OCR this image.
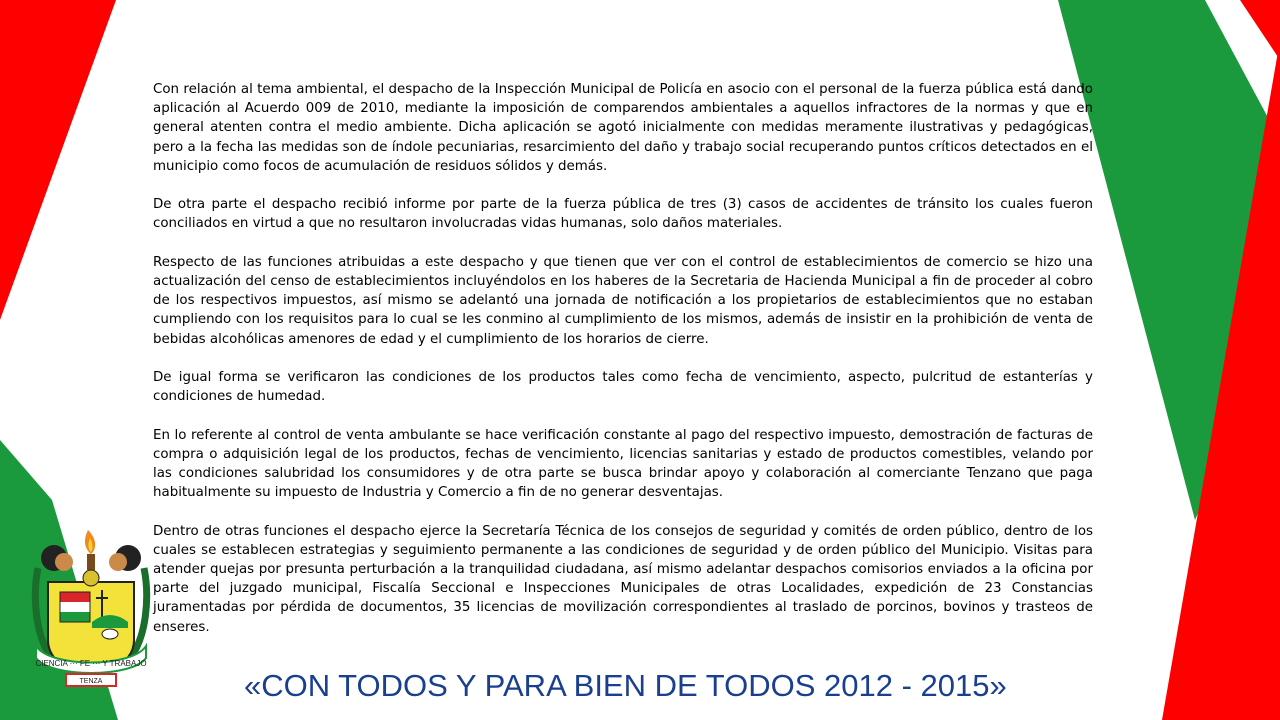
Con relación al tema ambiental, el despacho de la Inspección Municipal de Policía en asocio con el personal de la fuerza pública está dando aplicación al Acuerdo 009 de 2010, mediante la imposición de comparendos ambientales a aquellos infractores de la normas y que en general atenten contra el medio ambiente. Dicha aplicación se agotó inicialmente con medidas meramente ilustrativas y pedagógicas, pero a la fecha las medidas son de índole pecuniarias, resarcimiento del daño y trabajo social recuperando puntos críticos detectados en el municipio como focos de acumulación de residuos sólidos y demás.

De otra parte el despacho recibió informe por parte de la fuerza pública de tres (3) casos de accidentes de tránsito los cuales fueron conciliados en virtud a que no resultaron involucradas vidas humanas, solo daños materiales.

Respecto de las funciones atribuidas a este despacho y que tienen que ver con el control de establecimientos de comercio se hizo una actualización del censo de establecimientos incluyéndolos en los haberes de la Secretaria de Hacienda Municipal a fin de proceder al cobro de los respectivos impuestos, así mismo se adelantó una jornada de notificación a los propietarios de establecimientos que no estaban cumpliendo con los requisitos para lo cual se les conmino al cumplimiento de los mismos, además de insistir en la prohibición de venta de bebidas alcohólicas amenores de edad y el cumplimiento de los horarios de cierre.

De igual forma se verificaron las condiciones de los productos tales como fecha de vencimiento, aspecto, pulcritud de estanterías y condiciones de humedad.

En lo referente al control de venta ambulante se hace verificación constante al pago del respectivo impuesto, demostración de facturas de compra o adquisición legal de los productos, fechas de vencimiento, licencias sanitarias y estado de productos comestibles, velando por las condiciones salubridad los consumidores y de otra parte se busca brindar apoyo y colaboración al comerciante Tenzano que paga habitualmente su impuesto de Industria y Comercio a fin de no generar desventajas.

Dentro de otras funciones el despacho ejerce la Secretaría Técnica de los consejos de seguridad y comités de orden público, dentro de los cuales se establecen estrategias y seguimiento permanente a las condiciones de seguridad y de orden público del Municipio. Visitas para atender quejas por presunta perturbación a la tranquilidad ciudadana, así mismo adelantar despachos comisorios enviados a la oficina por parte del juzgado municipal, Fiscalía Seccional e Inspecciones Municipales de otras Localidades, expedición de 23 Constancias juramentadas por pérdida de documentos, 35 licencias de movilización correspondientes al traslado de porcinos, bovinos y trasteos de enseres.

CIENCIA ··· FE ··· Y TRABAJO
TENZA	«CON TODOS Y PARA BIEN DE TODOS 2012 - 2015»
